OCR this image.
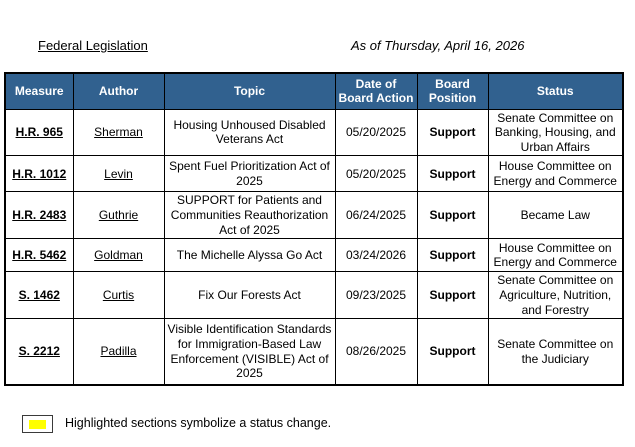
Federal Legislation	As of Thursday, April 16, 2026
Measure	Author	Topic	Date of Board Action	Board Position	Status
H.R. 965	Sherman	Housing Unhoused Disabled Veterans Act	05/20/2025	Support	Senate Committee on Banking, Housing, and Urban Affairs
H.R. 1012	Levin	Spent Fuel Prioritization Act of 2025	05/20/2025	Support	House Committee on Energy and Commerce
H.R. 2483	Guthrie	SUPPORT for Patients and Communities Reauthorization Act of 2025	06/24/2025	Support	Became Law
H.R. 5462	Goldman	The Michelle Alyssa Go Act	03/24/2026	Support	House Committee on Energy and Commerce
S. 1462	Curtis	Fix Our Forests Act	09/23/2025	Support	Senate Committee on Agriculture, Nutrition, and Forestry
S. 2212	Padilla	Visible Identification Standards for Immigration-Based Law Enforcement (VISIBLE) Act of 2025	08/26/2025	Support	Senate Committee on the Judiciary
Highlighted sections symbolize a status change.
